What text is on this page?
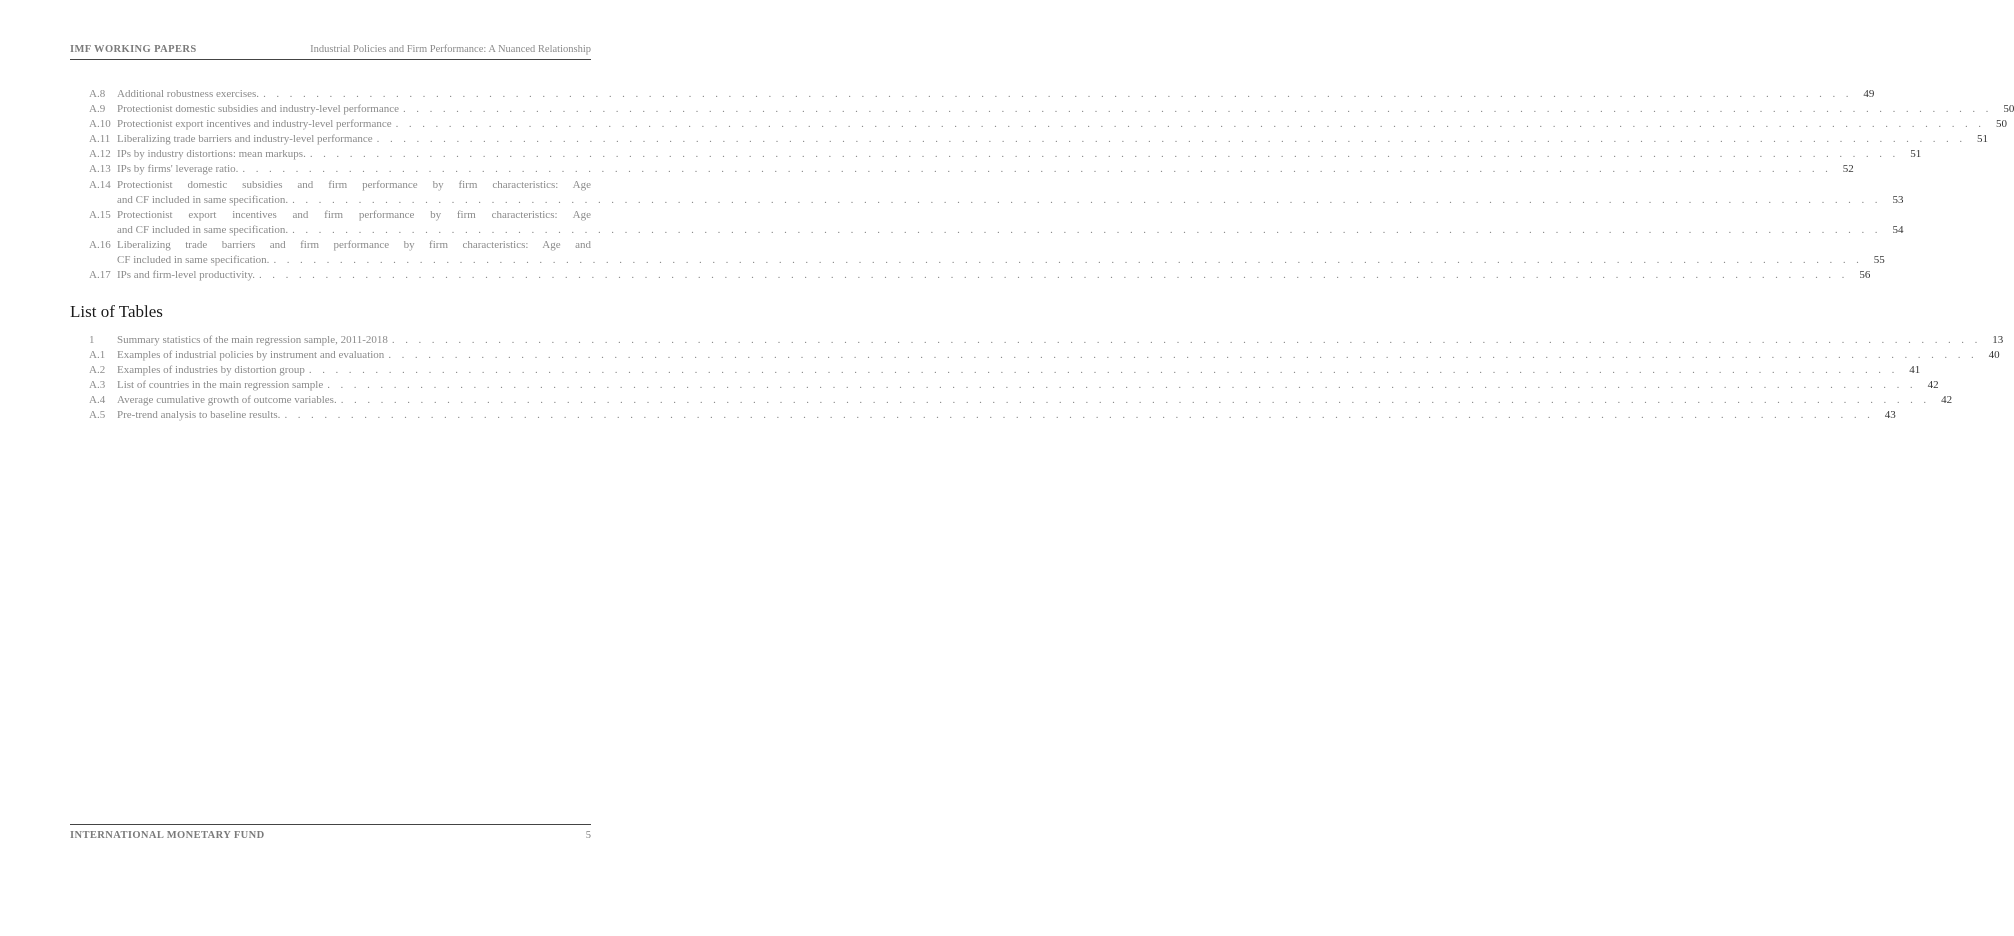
IMF WORKING PAPERS	Industrial Policies and Firm Performance: A Nuanced Relationship
A.8 Additional robustness exercises. . . . . . . . . . . . . . . . . . . . . . . . . . . . . . . . . . . . . . . . . . . . . . . . . . . . . . . . . . . . . . . . . . . . . . . . . . . . . . . . . . . . . . . . . . . . . . . . . . . . . . . . . . . . . . . . . . . . . . . . .	49
A.9 Protectionist domestic subsidies and industry-level performance . . . . . . . . . . . . . . . . . . . . . . . . . . . . . . . . . . . . . . . . . . . . . . . . . . . . . . . . . . . . . . . . . . . . . . . . . . . . . . . . . . . . . . . . . . . . . . . . . . . . . . . . . . . . . . . . . . . . . . . .	50
A.10 Protectionist export incentives and industry-level performance . . . . . . . . . . . . . . . . . . . . . . . . . . . . . . . . . . . . . . . . . . . . . . . . . . . . . . . . . . . . . . . . . . . . . . . . . . . . . . . . . . . . . . . . . . . . . . . . . . . . . . . . . . . . . . . . . . . . . . . .	50
A.11 Liberalizing trade barriers and industry-level performance . . . . . . . . . . . . . . . . . . . . . . . . . . . . . . . . . . . . . . . . . . . . . . . . . . . . . . . . . . . . . . . . . . . . . . . . . . . . . . . . . . . . . . . . . . . . . . . . . . . . . . . . . . . . . . . . . . . . . . . .	51
A.12 IPs by industry distortions: mean markups. . . . . . . . . . . . . . . . . . . . . . . . . . . . . . . . . . . . . . . . . . . . . . . . . . . . . . . . . . . . . . . . . . . . . . . . . . . . . . . . . . . . . . . . . . . . . . . . . . . . . . . . . . . . . . . . . . . . . . . . .	51
A.13 IPs by firms' leverage ratio. . . . . . . . . . . . . . . . . . . . . . . . . . . . . . . . . . . . . . . . . . . . . . . . . . . . . . . . . . . . . . . . . . . . . . . . . . . . . . . . . . . . . . . . . . . . . . . . . . . . . . . . . . . . . . . . . . . . . . . . .	52
A.14 Protectionist domestic subsidies and firm performance by firm characteristics: Age
and CF included in same specification. . . . . . . . . . . . . . . . . . . . . . . . . . . . . . . . . . . . . . . . . . . . . . . . . . . . . . . . . . . . . . . . . . . . . . . . . . . . . . . . . . . . . . . . . . . . . . . . . . . . . . . . . . . . . . . . . . . . . . . . .	53
A.15 Protectionist export incentives and firm performance by firm characteristics: Age
and CF included in same specification. . . . . . . . . . . . . . . . . . . . . . . . . . . . . . . . . . . . . . . . . . . . . . . . . . . . . . . . . . . . . . . . . . . . . . . . . . . . . . . . . . . . . . . . . . . . . . . . . . . . . . . . . . . . . . . . . . . . . . . . .	54
A.16 Liberalizing trade barriers and firm performance by firm characteristics: Age and
CF included in same specification. . . . . . . . . . . . . . . . . . . . . . . . . . . . . . . . . . . . . . . . . . . . . . . . . . . . . . . . . . . . . . . . . . . . . . . . . . . . . . . . . . . . . . . . . . . . . . . . . . . . . . . . . . . . . . . . . . . . . . . . .	55
A.17 IPs and firm-level productivity. . . . . . . . . . . . . . . . . . . . . . . . . . . . . . . . . . . . . . . . . . . . . . . . . . . . . . . . . . . . . . . . . . . . . . . . . . . . . . . . . . . . . . . . . . . . . . . . . . . . . . . . . . . . . . . . . . . . . . . . .	56
List of Tables
1 Summary statistics of the main regression sample, 2011-2018 . . . . . . . . . . . . . . . . . . . . . . . . . . . . . . . . . . . . . . . . . . . . . . . . . . . . . . . . . . . . . . . . . . . . . . . . . . . . . . . . . . . . . . . . . . . . . . . . . . . . . . . . . . . . . . . . . . . . . . . .	13
A.1 Examples of industrial policies by instrument and evaluation . . . . . . . . . . . . . . . . . . . . . . . . . . . . . . . . . . . . . . . . . . . . . . . . . . . . . . . . . . . . . . . . . . . . . . . . . . . . . . . . . . . . . . . . . . . . . . . . . . . . . . . . . . . . . . . . . . . . . . . .	40
A.2 Examples of industries by distortion group . . . . . . . . . . . . . . . . . . . . . . . . . . . . . . . . . . . . . . . . . . . . . . . . . . . . . . . . . . . . . . . . . . . . . . . . . . . . . . . . . . . . . . . . . . . . . . . . . . . . . . . . . . . . . . . . . . . . . . . .	41
A.3 List of countries in the main regression sample . . . . . . . . . . . . . . . . . . . . . . . . . . . . . . . . . . . . . . . . . . . . . . . . . . . . . . . . . . . . . . . . . . . . . . . . . . . . . . . . . . . . . . . . . . . . . . . . . . . . . . . . . . . . . . . . . . . . . . . .	42
A.4 Average cumulative growth of outcome variables. . . . . . . . . . . . . . . . . . . . . . . . . . . . . . . . . . . . . . . . . . . . . . . . . . . . . . . . . . . . . . . . . . . . . . . . . . . . . . . . . . . . . . . . . . . . . . . . . . . . . . . . . . . . . . . . . . . . . . . . .	42
A.5 Pre-trend analysis to baseline results. . . . . . . . . . . . . . . . . . . . . . . . . . . . . . . . . . . . . . . . . . . . . . . . . . . . . . . . . . . . . . . . . . . . . . . . . . . . . . . . . . . . . . . . . . . . . . . . . . . . . . . . . . . . . . . . . . . . . . . . .	43
INTERNATIONAL MONETARY FUND	5
